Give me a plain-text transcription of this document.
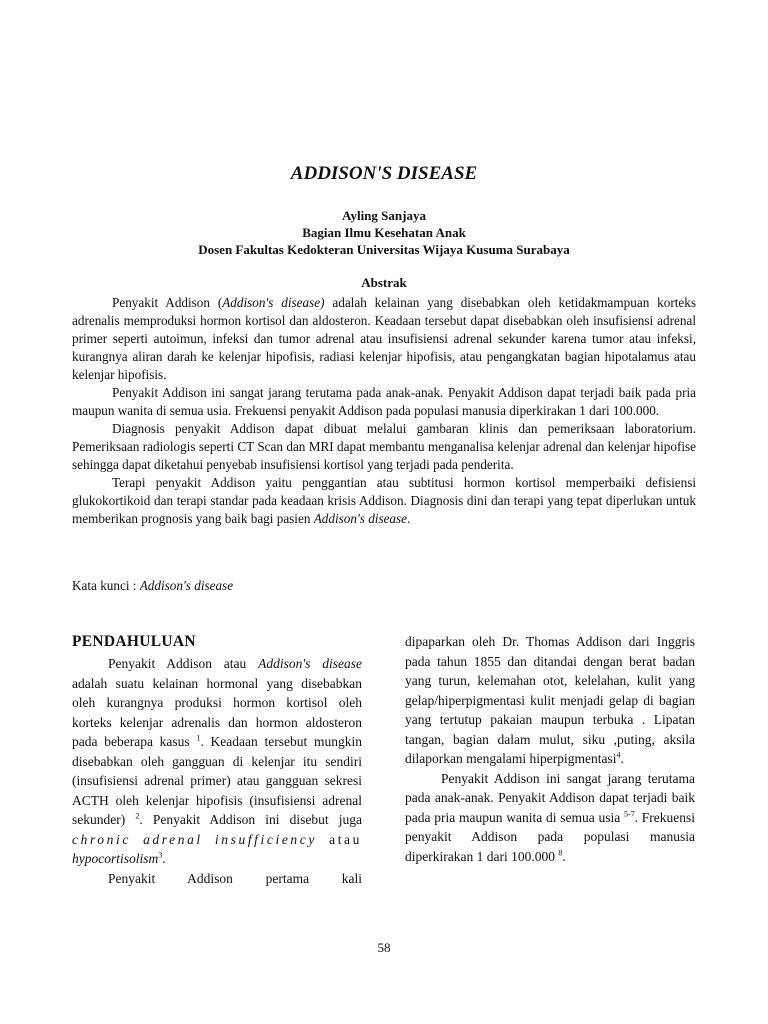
ADDISON'S DISEASE
Ayling Sanjaya
Bagian Ilmu Kesehatan Anak
Dosen Fakultas Kedokteran Universitas Wijaya Kusuma Surabaya
Abstrak

Penyakit Addison (Addison's disease) adalah kelainan yang disebabkan oleh ketidakmampuan korteks adrenalis memproduksi hormon kortisol dan aldosteron. Keadaan tersebut dapat disebabkan oleh insufisiensi adrenal primer seperti autoimun, infeksi dan tumor adrenal atau insufisiensi adrenal sekunder karena tumor atau infeksi, kurangnya aliran darah ke kelenjar hipofisis, radiasi kelenjar hipofisis, atau pengangkatan bagian hipotalamus atau kelenjar hipofisis.

Penyakit Addison ini sangat jarang terutama pada anak-anak. Penyakit Addison dapat terjadi baik pada pria maupun wanita di semua usia. Frekuensi penyakit Addison pada populasi manusia diperkirakan 1 dari 100.000.

Diagnosis penyakit Addison dapat dibuat melalui gambaran klinis dan pemeriksaan laboratorium. Pemeriksaan radiologis seperti CT Scan dan MRI dapat membantu menganalisa kelenjar adrenal dan kelenjar hipofise sehingga dapat diketahui penyebab insufisiensi kortisol yang terjadi pada penderita.

Terapi penyakit Addison yaitu penggantian atau subtitusi hormon kortisol memperbaiki defisiensi glukokortikoid dan terapi standar pada keadaan krisis Addison. Diagnosis dini dan terapi yang tepat diperlukan untuk memberikan prognosis yang baik bagi pasien Addison's disease.

Kata kunci : Addison's disease
PENDAHULUAN

Penyakit Addison atau Addison's disease adalah suatu kelainan hormonal yang disebabkan oleh kurangnya produksi hormon kortisol oleh korteks kelenjar adrenalis dan hormon aldosteron pada beberapa kasus $^1$. Keadaan tersebut mungkin disebabkan oleh gangguan di kelenjar itu sendiri (insufisiensi adrenal primer) atau gangguan sekresi ACTH oleh kelenjar hipofisis (insufisiensi adrenal sekunder) $^2$. Penyakit Addison ini disebut juga chronic adrenal insufficiency atau hypocortisolism$^3$.

Penyakit Addison pertama kali

dipaparkan oleh Dr. Thomas Addison dari Inggris pada tahun 1855 dan ditandai dengan berat badan yang turun, kelemahan otot, kelelahan, kulit yang gelap/hiperpigmentasi kulit menjadi gelap di bagian yang tertutup pakaian maupun terbuka . Lipatan tangan, bagian dalam mulut, siku ,puting, aksila dilaporkan mengalami hiperpigmentasi$^4$.

Penyakit Addison ini sangat jarang terutama pada anak-anak. Penyakit Addison dapat terjadi baik pada pria maupun wanita di semua usia $^{5-7}$. Frekuensi penyakit Addison pada populasi manusia diperkirakan 1 dari 100.000 $^8$.

58
